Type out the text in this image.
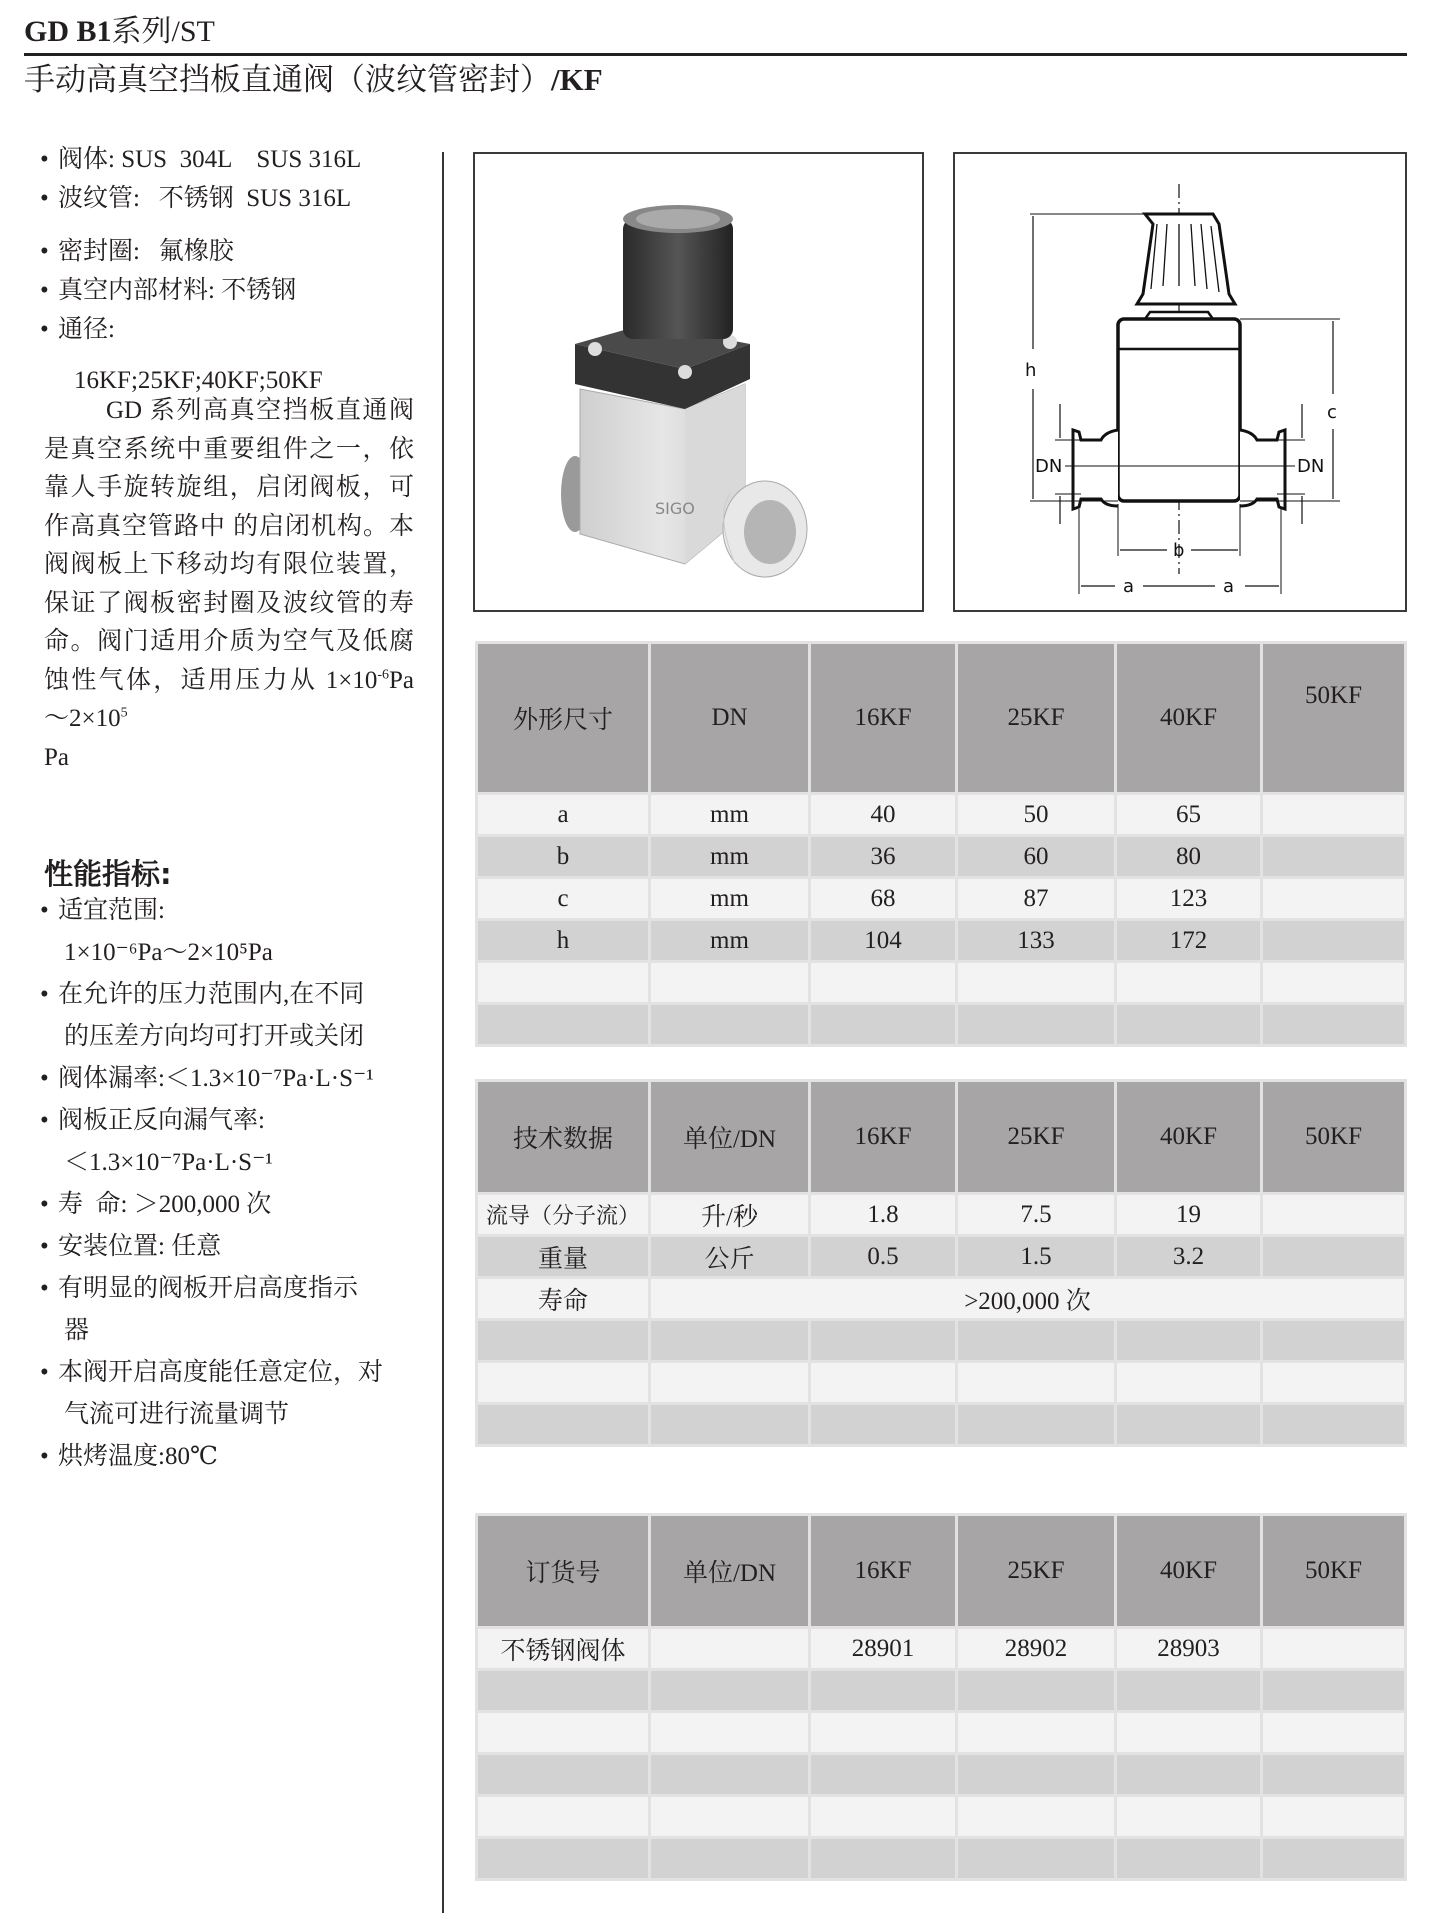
GD B1系列/ST
手动高真空挡板直通阀（波纹管密封）/KF
• 阀体: SUS  304L    SUS 316L
• 波纹管:   不锈钢  SUS 316L
• 密封圈:   氟橡胶
• 真空内部材料: 不锈钢
• 通径:
16KF;25KF;40KF;50KF
GD 系列高真空挡板直通阀是真空系统中重要组件之一，依靠人手旋转旋组，启闭阀板，可作高真空管路中 的启闭机构。本阀阀板上下移动均有限位装置，保证了阀板密封圈及波纹管的寿命。阀门适用介质为空气及低腐蚀性气体，适用压力从 $1\times 10^{-6}Pa$ $\sim 2\times 10^5$
Pa
性能指标:
• 适宜范围:
1×10⁻⁶Pa～2×10⁵Pa
• 在允许的压力范围内,在不同
的压差方向均可打开或关闭
• 阀体漏率:＜1.3×10⁻⁷Pa·L·S⁻¹
• 阀板正反向漏气率:
＜1.3×10⁻⁷Pa·L·S⁻¹
• 寿  命: ＞200,000 次
• 安装位置: 任意
• 有明显的阀板开启高度指示
器
• 本阀开启高度能任意定位，对
气流可进行流量调节
• 烘烤温度:80℃
SIGO
h
c
DN	DN
b
a	a
外形尺寸	DN	16KF	25KF	40KF	50KF
a	mm	40	50	65	
b	mm	36	60	80	
c	mm	68	87	123	
h	mm	104	133	172	

技术数据	单位/DN	16KF	25KF	40KF	50KF
流导（分子流）	升/秒	1.8	7.5	19	
重量	公斤	0.5	1.5	3.2	
寿命	>200,000 次				

订货号	单位/DN	16KF	25KF	40KF	50KF
不锈钢阀体		28901	28902	28903	
